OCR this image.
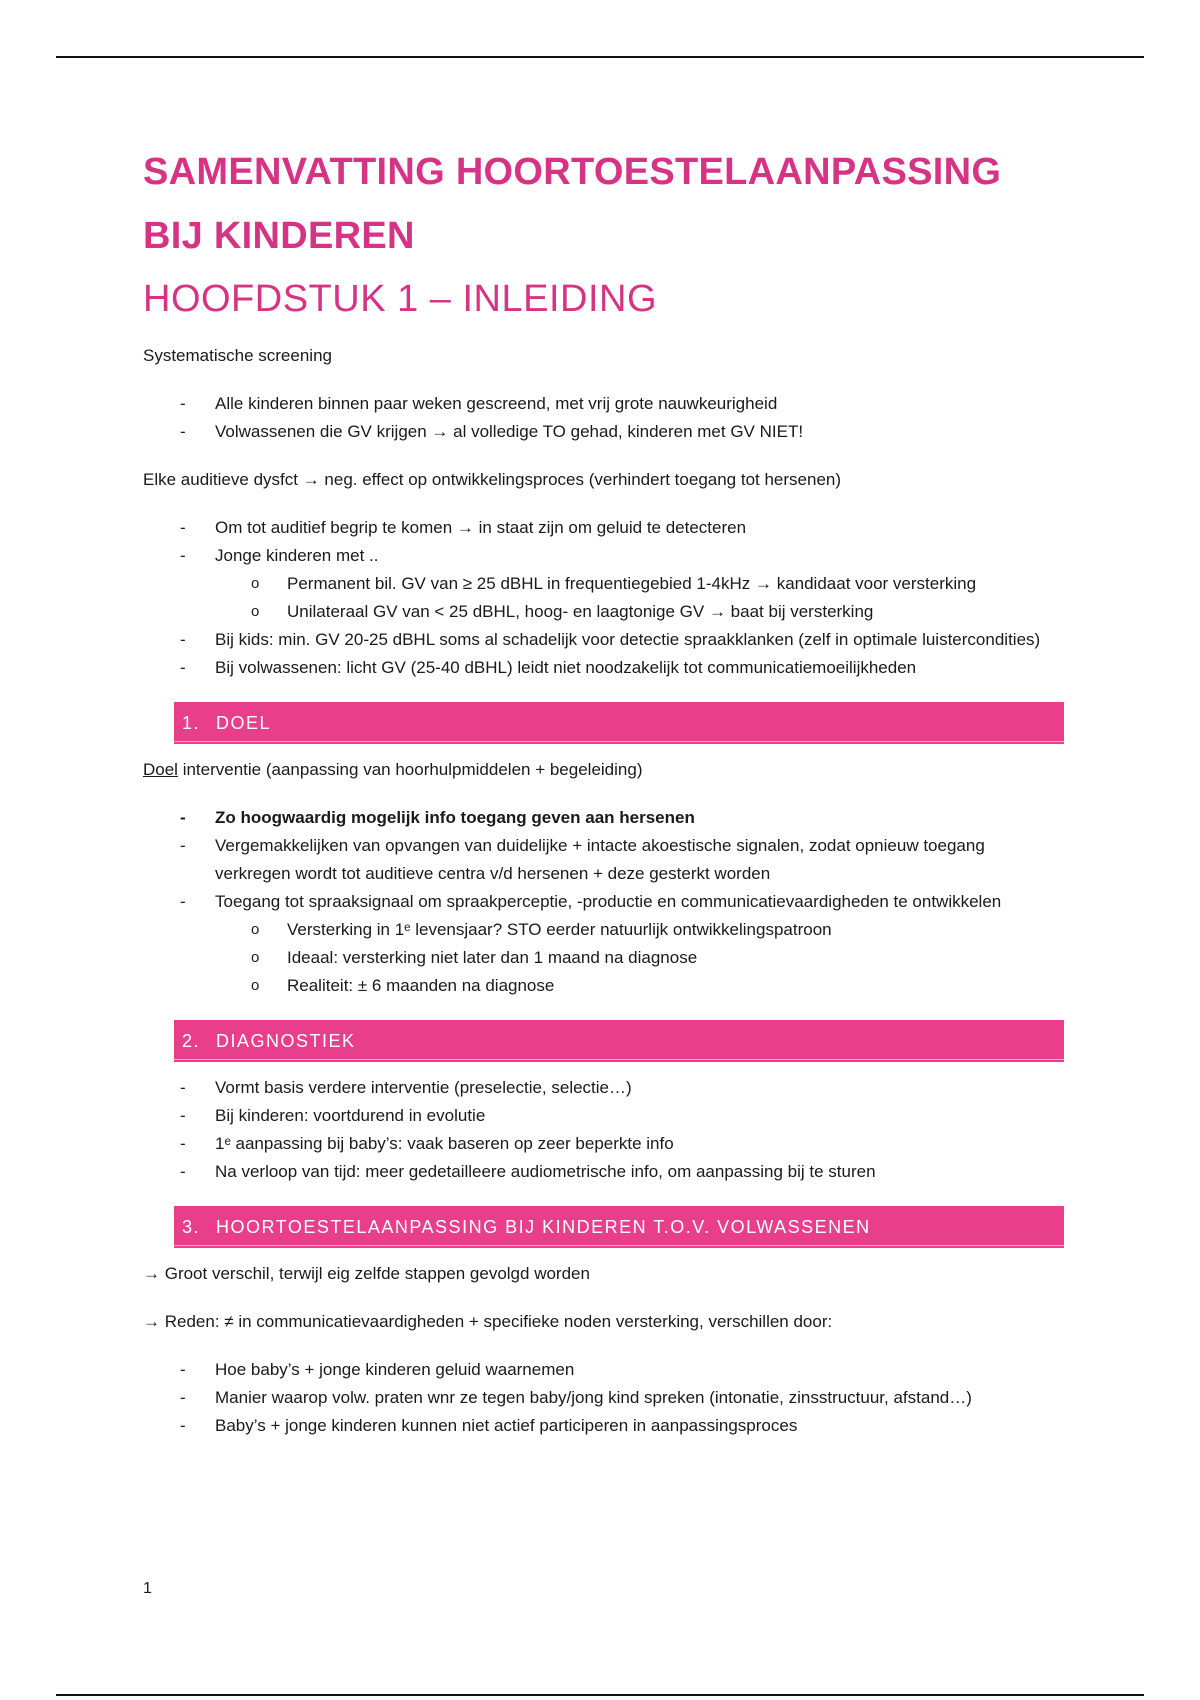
SAMENVATTING HOORTOESTELAANPASSING
BIJ KINDEREN
HOOFDSTUK 1 – INLEIDING

Systematische screening

- Alle kinderen binnen paar weken gescreend, met vrij grote nauwkeurigheid
- Volwassenen die GV krijgen → al volledige TO gehad, kinderen met GV NIET!

Elke auditieve dysfct → neg. effect op ontwikkelingsproces (verhindert toegang tot hersenen)

- Om tot auditief begrip te komen → in staat zijn om geluid te detecteren
- Jonge kinderen met ..
o Permanent bil. GV van ≥ 25 dBHL in frequentiegebied 1-4kHz → kandidaat voor versterking
o Unilateraal GV van < 25 dBHL, hoog- en laagtonige GV → baat bij versterking
- Bij kids: min. GV 20-25 dBHL soms al schadelijk voor detectie spraakklanken (zelf in optimale luistercondities)
- Bij volwassenen: licht GV (25-40 dBHL) leidt niet noodzakelijk tot communicatiemoeilijkheden
1. DOEL

Doel interventie (aanpassing van hoorhulpmiddelen + begeleiding)

- Zo hoogwaardig mogelijk info toegang geven aan hersenen
- Vergemakkelijken van opvangen van duidelijke + intacte akoestische signalen, zodat opnieuw toegang verkregen wordt tot auditieve centra v/d hersenen + deze gesterkt worden
- Toegang tot spraaksignaal om spraakperceptie, -productie en communicatievaardigheden te ontwikkelen
o Versterking in 1ᵉ levensjaar? STO eerder natuurlijk ontwikkelingspatroon
o Ideaal: versterking niet later dan 1 maand na diagnose
o Realiteit: ± 6 maanden na diagnose
2. DIAGNOSTIEK
- Vormt basis verdere interventie (preselectie, selectie…)
- Bij kinderen: voortdurend in evolutie
- 1ᵉ aanpassing bij baby’s: vaak baseren op zeer beperkte info
- Na verloop van tijd: meer gedetailleere audiometrische info, om aanpassing bij te sturen
3. HOORTOESTELAANPASSING BIJ KINDEREN T.O.V. VOLWASSENEN

→ Groot verschil, terwijl eig zelfde stappen gevolgd worden

→ Reden: ≠ in communicatievaardigheden + specifieke noden versterking, verschillen door:

- Hoe baby’s + jonge kinderen geluid waarnemen
- Manier waarop volw. praten wnr ze tegen baby/jong kind spreken (intonatie, zinsstructuur, afstand…)
- Baby’s + jonge kinderen kunnen niet actief participeren in aanpassingsproces
1
